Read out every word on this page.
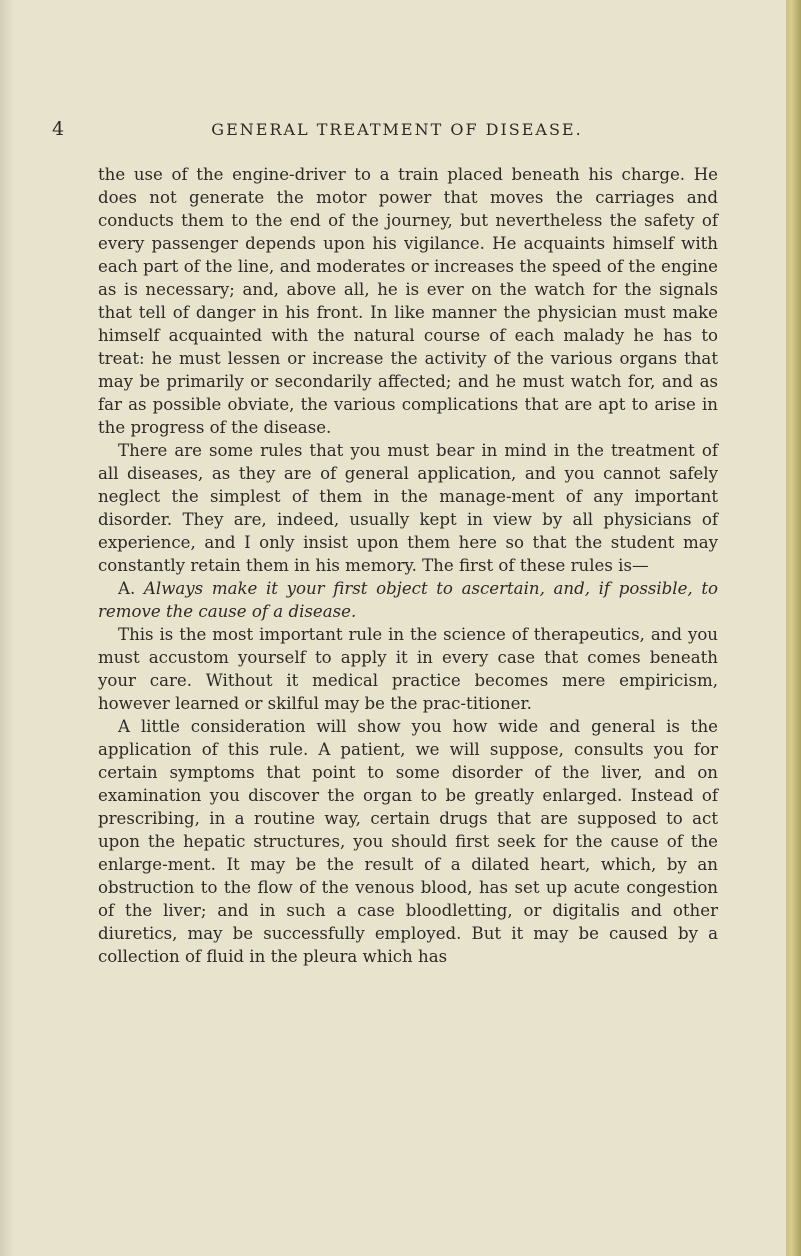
4	GENERAL TREATMENT OF DISEASE.

the use of the engine-driver to a train placed beneath his charge. He does not generate the motor power that moves the carriages and conducts them to the end of the journey, but nevertheless the safety of every passenger depends upon his vigilance. He acquaints himself with each part of the line, and moderates or increases the speed of the engine as is necessary; and, above all, he is ever on the watch for the signals that tell of danger in his front. In like manner the physician must make himself acquainted with the natural course of each malady he has to treat: he must lessen or increase the activity of the various organs that may be primarily or secondarily affected; and he must watch for, and as far as possible obviate, the various complications that are apt to arise in the progress of the disease.

There are some rules that you must bear in mind in the treatment of all diseases, as they are of general application, and you cannot safely neglect the simplest of them in the manage-ment of any important disorder. They are, indeed, usually kept in view by all physicians of experience, and I only insist upon them here so that the student may constantly retain them in his memory. The first of these rules is—

A. Always make it your first object to ascertain, and, if possible, to remove the cause of a disease.

This is the most important rule in the science of therapeutics, and you must accustom yourself to apply it in every case that comes beneath your care. Without it medical practice becomes mere empiricism, however learned or skilful may be the prac-titioner.

A little consideration will show you how wide and general is the application of this rule. A patient, we will suppose, consults you for certain symptoms that point to some disorder of the liver, and on examination you discover the organ to be greatly enlarged. Instead of prescribing, in a routine way, certain drugs that are supposed to act upon the hepatic structures, you should first seek for the cause of the enlarge-ment. It may be the result of a dilated heart, which, by an obstruction to the flow of the venous blood, has set up acute congestion of the liver; and in such a case bloodletting, or digitalis and other diuretics, may be successfully employed. But it may be caused by a collection of fluid in the pleura which has
